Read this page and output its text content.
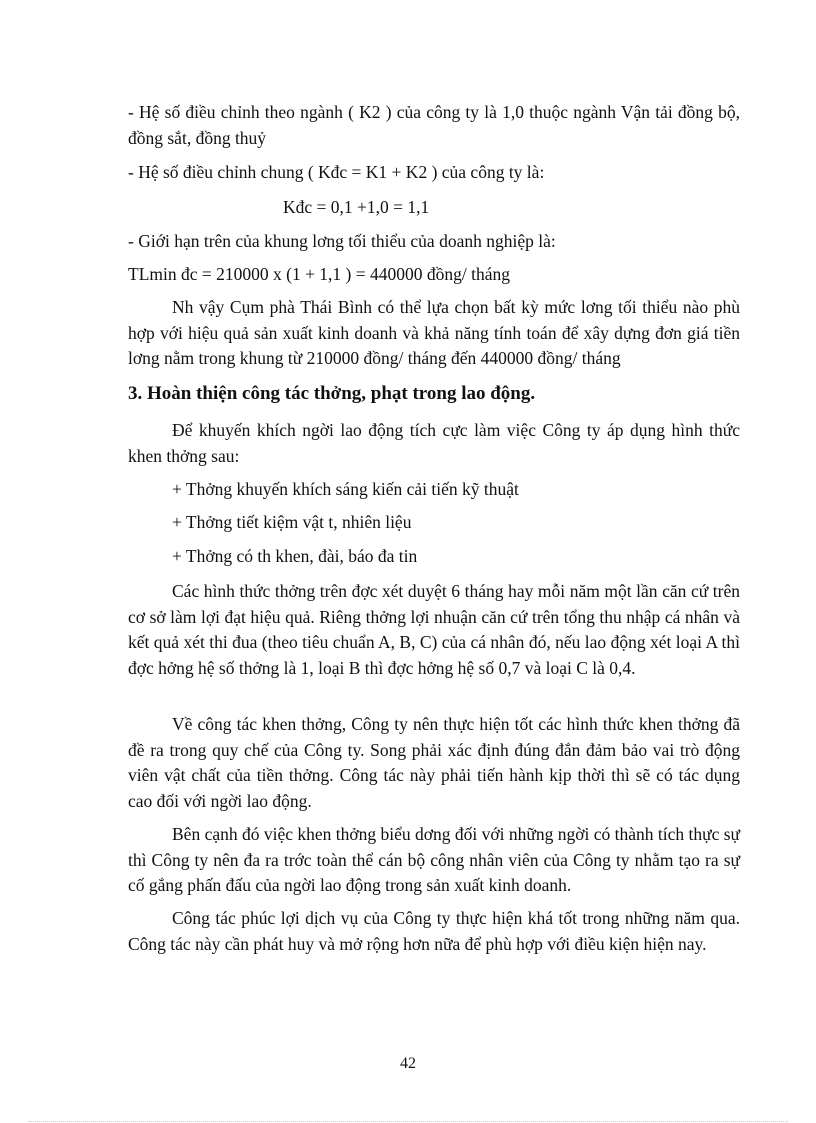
- Hệ số điều chỉnh theo ngành ( K2 ) của công ty là 1,0 thuộc ngành Vận tải đồng bộ, đồng sắt, đồng thuỷ

- Hệ số điều chỉnh chung ( Kđc = K1 + K2 ) của công ty là:

Kđc = 0,1 +1,0 = 1,1

- Giới hạn trên của khung lơng tối thiểu của doanh nghiệp là:

TLmin đc = 210000 x (1 + 1,1 ) = 440000 đồng/ tháng

Nh vậy Cụm phà Thái Bình có thể lựa chọn bất kỳ mức lơng tối thiểu nào phù hợp với hiệu quả sản xuất kinh doanh và khả năng tính toán để xây dựng đơn giá tiền lơng nằm trong khung từ 210000 đồng/ tháng đến 440000 đồng/ tháng

3. Hoàn thiện công tác thởng, phạt trong lao động.

Để khuyến khích ngời lao động tích cực làm việc Công ty áp dụng hình thức khen thởng sau:

+ Thởng khuyến khích sáng kiến cải tiến kỹ thuật

+ Thởng tiết kiệm vật t, nhiên liệu

+ Thởng có th khen, đài, báo đa tin

Các hình thức thởng trên đợc xét duyệt 6 tháng hay mỗi năm một lần căn cứ trên cơ sở làm lợi đạt hiệu quả. Riêng thởng lợi nhuận căn cứ trên tổng thu nhập cá nhân và kết quả xét thi đua (theo tiêu chuẩn A, B, C) của cá nhân đó, nếu lao động xét loại A thì đợc hởng hệ số thởng là 1, loại B thì đợc hởng hệ số 0,7 và loại C là 0,4.

Về công tác khen thởng, Công ty nên thực hiện tốt các hình thức khen thởng đã đề ra trong quy chế của Công ty. Song phải xác định đúng đắn đảm bảo vai trò động viên vật chất của tiền thởng. Công tác này phải tiến hành kịp thời thì sẽ có tác dụng cao đối với ngời lao động.

Bên cạnh đó việc khen thởng biểu dơng đối với những ngời có thành tích thực sự thì Công ty nên đa ra trớc toàn thể cán bộ công nhân viên của Công ty nhằm tạo ra sự cố gắng phấn đấu của ngời lao động trong sản xuất kinh doanh.

Công tác phúc lợi dịch vụ của Công ty thực hiện khá tốt trong những năm qua. Công tác này cần phát huy và mở rộng hơn nữa để phù hợp với điều kiện hiện nay.

42
